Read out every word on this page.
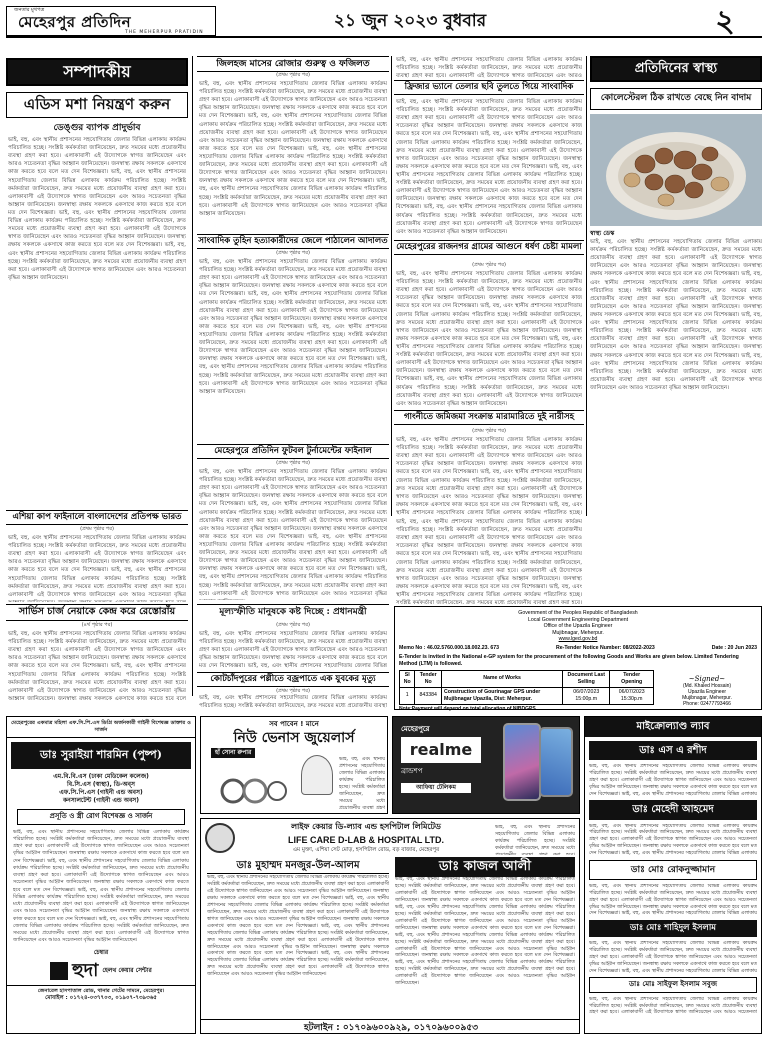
জনতার মুখপত্র
মেহেরপুর প্রতিদিন
THE MEHERPUR PRATIDIN
২১ জুন ২০২৩ বুধবার	২
সম্পাদকীয়
এডিস মশা নিয়ন্ত্রণ করুন
ডেঙ্গুর ব্যাপক প্রাদুর্ভাব
ভাই, বহু, এবং স্থানীয় প্রশাসনের সহযোগিতায় জেলার বিভিন্ন এলাকায় কার্যক্রম পরিচালিত হচ্ছে। সংশ্লিষ্ট কর্মকর্তারা জানিয়েছেন, দ্রুত সময়ের মধ্যে প্রয়োজনীয় ব্যবস্থা গ্রহণ করা হবে। এলাকাবাসী এই উদ্যোগকে স্বাগত জানিয়েছেন এবং আরও সচেতনতা বৃদ্ধির আহ্বান জানিয়েছেন। জনস্বাস্থ্য রক্ষায় সকলকে একসাথে কাজ করতে হবে বলে মত দেন বিশেষজ্ঞরা। ভাই, বহু, এবং স্থানীয় প্রশাসনের সহযোগিতায় জেলার বিভিন্ন এলাকায় কার্যক্রম পরিচালিত হচ্ছে। সংশ্লিষ্ট কর্মকর্তারা জানিয়েছেন, দ্রুত সময়ের মধ্যে প্রয়োজনীয় ব্যবস্থা গ্রহণ করা হবে। এলাকাবাসী এই উদ্যোগকে স্বাগত জানিয়েছেন এবং আরও সচেতনতা বৃদ্ধির আহ্বান জানিয়েছেন। জনস্বাস্থ্য রক্ষায় সকলকে একসাথে কাজ করতে হবে বলে মত দেন বিশেষজ্ঞরা। ভাই, বহু, এবং স্থানীয় প্রশাসনের সহযোগিতায় জেলার বিভিন্ন এলাকায় কার্যক্রম পরিচালিত হচ্ছে। সংশ্লিষ্ট কর্মকর্তারা জানিয়েছেন, দ্রুত সময়ের মধ্যে প্রয়োজনীয় ব্যবস্থা গ্রহণ করা হবে। এলাকাবাসী এই উদ্যোগকে স্বাগত জানিয়েছেন এবং আরও সচেতনতা বৃদ্ধির আহ্বান জানিয়েছেন। জনস্বাস্থ্য রক্ষায় সকলকে একসাথে কাজ করতে হবে বলে মত দেন বিশেষজ্ঞরা। ভাই, বহু, এবং স্থানীয় প্রশাসনের সহযোগিতায় জেলার বিভিন্ন এলাকায় কার্যক্রম পরিচালিত হচ্ছে। সংশ্লিষ্ট কর্মকর্তারা জানিয়েছেন, দ্রুত সময়ের মধ্যে প্রয়োজনীয় ব্যবস্থা গ্রহণ করা হবে। এলাকাবাসী এই উদ্যোগকে স্বাগত জানিয়েছেন এবং আরও সচেতনতা বৃদ্ধির আহ্বান জানিয়েছেন।
এশিয়া কাপ ফাইনালে বাংলাদেশের প্রতিপক্ষ ভারত
(প্রথম পৃষ্ঠার পর)
ভাই, বহু, এবং স্থানীয় প্রশাসনের সহযোগিতায় জেলার বিভিন্ন এলাকায় কার্যক্রম পরিচালিত হচ্ছে। সংশ্লিষ্ট কর্মকর্তারা জানিয়েছেন, দ্রুত সময়ের মধ্যে প্রয়োজনীয় ব্যবস্থা গ্রহণ করা হবে। এলাকাবাসী এই উদ্যোগকে স্বাগত জানিয়েছেন এবং আরও সচেতনতা বৃদ্ধির আহ্বান জানিয়েছেন। জনস্বাস্থ্য রক্ষায় সকলকে একসাথে কাজ করতে হবে বলে মত দেন বিশেষজ্ঞরা। ভাই, বহু, এবং স্থানীয় প্রশাসনের সহযোগিতায় জেলার বিভিন্ন এলাকায় কার্যক্রম পরিচালিত হচ্ছে। সংশ্লিষ্ট কর্মকর্তারা জানিয়েছেন, দ্রুত সময়ের মধ্যে প্রয়োজনীয় ব্যবস্থা গ্রহণ করা হবে। এলাকাবাসী এই উদ্যোগকে স্বাগত জানিয়েছেন এবং আরও সচেতনতা বৃদ্ধির আহ্বান জানিয়েছেন। জনস্বাস্থ্য রক্ষায় সকলকে একসাথে কাজ করতে হবে বলে মত দেন বিশেষজ্ঞরা। ভাই, বহু, এবং স্থানীয় প্রশাসনের সহযোগিতায় জেলার বিভিন্ন এলাকায় কার্যক্রম পরিচালিত হচ্ছে। সংশ্লিষ্ট কর্মকর্তারা জানিয়েছেন, দ্রুত সময়ের মধ্যে প্রয়োজনীয় ব্যবস্থা গ্রহণ করা হবে। এলাকাবাসী এই উদ্যোগকে স্বাগত জানিয়েছেন এবং আরও সচেতনতা বৃদ্ধির আহ্বান জানিয়েছেন। জনস্বাস্থ্য রক্ষায় সকলকে একসাথে কাজ করতে হবে বলে মত দেন বিশেষজ্ঞরা। ভাই, বহু, এবং স্থানীয় প্রশাসনের সহযোগিতায় জেলার বিভিন্ন এলাকায় কার্যক্রম পরিচালিত হচ্ছে। সংশ্লিষ্ট কর্মকর্তারা জানিয়েছেন, দ্রুত সময়ের মধ্যে প্রয়োজনীয় ব্যবস্থা গ্রহণ করা হবে। এলাকাবাসী এই উদ্যোগকে স্বাগত জানিয়েছেন এবং আরও সচেতনতা বৃদ্ধির আহ্বান জানিয়েছেন।
সার্ভিস চার্জ নেয়াকে কেন্দ্র করে রেস্তোরাঁয়
(৪র্থ পৃষ্ঠার পর)
ভাই, বহু, এবং স্থানীয় প্রশাসনের সহযোগিতায় জেলার বিভিন্ন এলাকায় কার্যক্রম পরিচালিত হচ্ছে। সংশ্লিষ্ট কর্মকর্তারা জানিয়েছেন, দ্রুত সময়ের মধ্যে প্রয়োজনীয় ব্যবস্থা গ্রহণ করা হবে। এলাকাবাসী এই উদ্যোগকে স্বাগত জানিয়েছেন এবং আরও সচেতনতা বৃদ্ধির আহ্বান জানিয়েছেন। জনস্বাস্থ্য রক্ষায় সকলকে একসাথে কাজ করতে হবে বলে মত দেন বিশেষজ্ঞরা। ভাই, বহু, এবং স্থানীয় প্রশাসনের সহযোগিতায় জেলার বিভিন্ন এলাকায় কার্যক্রম পরিচালিত হচ্ছে। সংশ্লিষ্ট কর্মকর্তারা জানিয়েছেন, দ্রুত সময়ের মধ্যে প্রয়োজনীয় ব্যবস্থা গ্রহণ করা হবে। এলাকাবাসী এই উদ্যোগকে স্বাগত জানিয়েছেন এবং আরও সচেতনতা বৃদ্ধির আহ্বান জানিয়েছেন। জনস্বাস্থ্য রক্ষায় সকলকে একসাথে কাজ করতে হবে বলে মত দেন বিশেষজ্ঞরা। ভাই, বহু, এবং স্থানীয় প্রশাসনের সহযোগিতায় জেলার বিভিন্ন এলাকায় কার্যক্রম পরিচালিত হচ্ছে। সংশ্লিষ্ট কর্মকর্তারা জানিয়েছেন, দ্রুত সময়ের মধ্যে প্রয়োজনীয় ব্যবস্থা গ্রহণ করা হবে। এলাকাবাসী এই উদ্যোগকে স্বাগত জানিয়েছেন এবং আরও সচেতনতা বৃদ্ধির আহ্বান জানিয়েছেন। জনস্বাস্থ্য রক্ষায় সকলকে একসাথে কাজ করতে হবে বলে মত দেন বিশেষজ্ঞরা। ভাই, বহু, এবং স্থানীয় প্রশাসনের সহযোগিতায় জেলার বিভিন্ন এলাকায় কার্যক্রম পরিচালিত হচ্ছে। সংশ্লিষ্ট কর্মকর্তারা জানিয়েছেন, দ্রুত সময়ের মধ্যে প্রয়োজনীয় ব্যবস্থা গ্রহণ করা হবে। এলাকাবাসী এই উদ্যোগকে স্বাগত জানিয়েছেন এবং আরও সচেতনতা বৃদ্ধির আহ্বান জানিয়েছেন।
জিলহজ মাসের রোজার গুরুত্ব ও ফজিলত
(প্রথম পৃষ্ঠার পর)
ভাই, বহু, এবং স্থানীয় প্রশাসনের সহযোগিতায় জেলার বিভিন্ন এলাকায় কার্যক্রম পরিচালিত হচ্ছে। সংশ্লিষ্ট কর্মকর্তারা জানিয়েছেন, দ্রুত সময়ের মধ্যে প্রয়োজনীয় ব্যবস্থা গ্রহণ করা হবে। এলাকাবাসী এই উদ্যোগকে স্বাগত জানিয়েছেন এবং আরও সচেতনতা বৃদ্ধির আহ্বান জানিয়েছেন। জনস্বাস্থ্য রক্ষায় সকলকে একসাথে কাজ করতে হবে বলে মত দেন বিশেষজ্ঞরা। ভাই, বহু, এবং স্থানীয় প্রশাসনের সহযোগিতায় জেলার বিভিন্ন এলাকায় কার্যক্রম পরিচালিত হচ্ছে। সংশ্লিষ্ট কর্মকর্তারা জানিয়েছেন, দ্রুত সময়ের মধ্যে প্রয়োজনীয় ব্যবস্থা গ্রহণ করা হবে। এলাকাবাসী এই উদ্যোগকে স্বাগত জানিয়েছেন এবং আরও সচেতনতা বৃদ্ধির আহ্বান জানিয়েছেন। জনস্বাস্থ্য রক্ষায় সকলকে একসাথে কাজ করতে হবে বলে মত দেন বিশেষজ্ঞরা। ভাই, বহু, এবং স্থানীয় প্রশাসনের সহযোগিতায় জেলার বিভিন্ন এলাকায় কার্যক্রম পরিচালিত হচ্ছে। সংশ্লিষ্ট কর্মকর্তারা জানিয়েছেন, দ্রুত সময়ের মধ্যে প্রয়োজনীয় ব্যবস্থা গ্রহণ করা হবে। এলাকাবাসী এই উদ্যোগকে স্বাগত জানিয়েছেন এবং আরও সচেতনতা বৃদ্ধির আহ্বান জানিয়েছেন। জনস্বাস্থ্য রক্ষায় সকলকে একসাথে কাজ করতে হবে বলে মত দেন বিশেষজ্ঞরা। ভাই, বহু, এবং স্থানীয় প্রশাসনের সহযোগিতায় জেলার বিভিন্ন এলাকায় কার্যক্রম পরিচালিত হচ্ছে। সংশ্লিষ্ট কর্মকর্তারা জানিয়েছেন, দ্রুত সময়ের মধ্যে প্রয়োজনীয় ব্যবস্থা গ্রহণ করা হবে। এলাকাবাসী এই উদ্যোগকে স্বাগত জানিয়েছেন এবং আরও সচেতনতা বৃদ্ধির আহ্বান জানিয়েছেন।
সাংবাদিক তুহিন হত্যাকারীদের জেলে পাঠালেন আদালত
(প্রথম পৃষ্ঠার পর)
ভাই, বহু, এবং স্থানীয় প্রশাসনের সহযোগিতায় জেলার বিভিন্ন এলাকায় কার্যক্রম পরিচালিত হচ্ছে। সংশ্লিষ্ট কর্মকর্তারা জানিয়েছেন, দ্রুত সময়ের মধ্যে প্রয়োজনীয় ব্যবস্থা গ্রহণ করা হবে। এলাকাবাসী এই উদ্যোগকে স্বাগত জানিয়েছেন এবং আরও সচেতনতা বৃদ্ধির আহ্বান জানিয়েছেন। জনস্বাস্থ্য রক্ষায় সকলকে একসাথে কাজ করতে হবে বলে মত দেন বিশেষজ্ঞরা। ভাই, বহু, এবং স্থানীয় প্রশাসনের সহযোগিতায় জেলার বিভিন্ন এলাকায় কার্যক্রম পরিচালিত হচ্ছে। সংশ্লিষ্ট কর্মকর্তারা জানিয়েছেন, দ্রুত সময়ের মধ্যে প্রয়োজনীয় ব্যবস্থা গ্রহণ করা হবে। এলাকাবাসী এই উদ্যোগকে স্বাগত জানিয়েছেন এবং আরও সচেতনতা বৃদ্ধির আহ্বান জানিয়েছেন। জনস্বাস্থ্য রক্ষায় সকলকে একসাথে কাজ করতে হবে বলে মত দেন বিশেষজ্ঞরা। ভাই, বহু, এবং স্থানীয় প্রশাসনের সহযোগিতায় জেলার বিভিন্ন এলাকায় কার্যক্রম পরিচালিত হচ্ছে। সংশ্লিষ্ট কর্মকর্তারা জানিয়েছেন, দ্রুত সময়ের মধ্যে প্রয়োজনীয় ব্যবস্থা গ্রহণ করা হবে। এলাকাবাসী এই উদ্যোগকে স্বাগত জানিয়েছেন এবং আরও সচেতনতা বৃদ্ধির আহ্বান জানিয়েছেন। জনস্বাস্থ্য রক্ষায় সকলকে একসাথে কাজ করতে হবে বলে মত দেন বিশেষজ্ঞরা। ভাই, বহু, এবং স্থানীয় প্রশাসনের সহযোগিতায় জেলার বিভিন্ন এলাকায় কার্যক্রম পরিচালিত হচ্ছে। সংশ্লিষ্ট কর্মকর্তারা জানিয়েছেন, দ্রুত সময়ের মধ্যে প্রয়োজনীয় ব্যবস্থা গ্রহণ করা হবে। এলাকাবাসী এই উদ্যোগকে স্বাগত জানিয়েছেন এবং আরও সচেতনতা বৃদ্ধির আহ্বান জানিয়েছেন।
মেহেরপুরে প্রতিদিন ফুটবল টুর্নামেন্টের ফাইনাল
(প্রথম পৃষ্ঠার পর)
ভাই, বহু, এবং স্থানীয় প্রশাসনের সহযোগিতায় জেলার বিভিন্ন এলাকায় কার্যক্রম পরিচালিত হচ্ছে। সংশ্লিষ্ট কর্মকর্তারা জানিয়েছেন, দ্রুত সময়ের মধ্যে প্রয়োজনীয় ব্যবস্থা গ্রহণ করা হবে। এলাকাবাসী এই উদ্যোগকে স্বাগত জানিয়েছেন এবং আরও সচেতনতা বৃদ্ধির আহ্বান জানিয়েছেন। জনস্বাস্থ্য রক্ষায় সকলকে একসাথে কাজ করতে হবে বলে মত দেন বিশেষজ্ঞরা। ভাই, বহু, এবং স্থানীয় প্রশাসনের সহযোগিতায় জেলার বিভিন্ন এলাকায় কার্যক্রম পরিচালিত হচ্ছে। সংশ্লিষ্ট কর্মকর্তারা জানিয়েছেন, দ্রুত সময়ের মধ্যে প্রয়োজনীয় ব্যবস্থা গ্রহণ করা হবে। এলাকাবাসী এই উদ্যোগকে স্বাগত জানিয়েছেন এবং আরও সচেতনতা বৃদ্ধির আহ্বান জানিয়েছেন। জনস্বাস্থ্য রক্ষায় সকলকে একসাথে কাজ করতে হবে বলে মত দেন বিশেষজ্ঞরা। ভাই, বহু, এবং স্থানীয় প্রশাসনের সহযোগিতায় জেলার বিভিন্ন এলাকায় কার্যক্রম পরিচালিত হচ্ছে। সংশ্লিষ্ট কর্মকর্তারা জানিয়েছেন, দ্রুত সময়ের মধ্যে প্রয়োজনীয় ব্যবস্থা গ্রহণ করা হবে। এলাকাবাসী এই উদ্যোগকে স্বাগত জানিয়েছেন এবং আরও সচেতনতা বৃদ্ধির আহ্বান জানিয়েছেন। জনস্বাস্থ্য রক্ষায় সকলকে একসাথে কাজ করতে হবে বলে মত দেন বিশেষজ্ঞরা। ভাই, বহু, এবং স্থানীয় প্রশাসনের সহযোগিতায় জেলার বিভিন্ন এলাকায় কার্যক্রম পরিচালিত হচ্ছে। সংশ্লিষ্ট কর্মকর্তারা জানিয়েছেন, দ্রুত সময়ের মধ্যে প্রয়োজনীয় ব্যবস্থা গ্রহণ করা হবে। এলাকাবাসী এই উদ্যোগকে স্বাগত জানিয়েছেন এবং আরও সচেতনতা বৃদ্ধির আহ্বান জানিয়েছেন।
ভাই, বহু, এবং স্থানীয় প্রশাসনের সহযোগিতায় জেলার বিভিন্ন এলাকায় কার্যক্রম পরিচালিত হচ্ছে। সংশ্লিষ্ট কর্মকর্তারা জানিয়েছেন, দ্রুত সময়ের মধ্যে প্রয়োজনীয় ব্যবস্থা গ্রহণ করা হবে। এলাকাবাসী এই উদ্যোগকে স্বাগত জানিয়েছেন এবং আরও সচেতনতা বৃদ্ধির আহ্বান জানিয়েছেন। জনস্বাস্থ্য রক্ষায় সকলকে একসাথে কাজ করতে হবে বলে মত দেন বিশেষজ্ঞরা। ভাই, বহু, এবং স্থানীয় প্রশাসনের সহযোগিতায় জেলার বিভিন্ন এলাকায় কার্যক্রম পরিচালিত হচ্ছে। সংশ্লিষ্ট কর্মকর্তারা জানিয়েছেন, দ্রুত সময়ের মধ্যে প্রয়োজনীয় ব্যবস্থা গ্রহণ করা হবে। এলাকাবাসী এই উদ্যোগকে স্বাগত জানিয়েছেন এবং আরও সচেতনতা বৃদ্ধির আহ্বান জানিয়েছেন। জনস্বাস্থ্য রক্ষায় সকলকে একসাথে কাজ করতে হবে বলে মত দেন বিশেষজ্ঞরা। ভাই, বহু, এবং স্থানীয় প্রশাসনের সহযোগিতায় জেলার বিভিন্ন এলাকায় কার্যক্রম পরিচালিত হচ্ছে। সংশ্লিষ্ট কর্মকর্তারা জানিয়েছেন, দ্রুত সময়ের মধ্যে প্রয়োজনীয় ব্যবস্থা গ্রহণ করা হবে। এলাকাবাসী এই উদ্যোগকে স্বাগত জানিয়েছেন এবং আরও সচেতনতা বৃদ্ধির আহ্বান জানিয়েছেন। জনস্বাস্থ্য রক্ষায় সকলকে একসাথে কাজ করতে হবে বলে মত দেন বিশেষজ্ঞরা। ভাই, বহু, এবং স্থানীয় প্রশাসনের সহযোগিতায় জেলার বিভিন্ন এলাকায় কার্যক্রম পরিচালিত হচ্ছে। সংশ্লিষ্ট কর্মকর্তারা জানিয়েছেন, দ্রুত সময়ের মধ্যে প্রয়োজনীয় ব্যবস্থা গ্রহণ করা হবে। এলাকাবাসী এই উদ্যোগকে স্বাগত জানিয়েছেন এবং আরও সচেতনতা বৃদ্ধির আহ্বান জানিয়েছেন।
ফ্রিজার ভ্যানে তেলার ছবি তুলতে গিয়ে সাংবাদিক
ভাই, বহু, এবং স্থানীয় প্রশাসনের সহযোগিতায় জেলার বিভিন্ন এলাকায় কার্যক্রম পরিচালিত হচ্ছে। সংশ্লিষ্ট কর্মকর্তারা জানিয়েছেন, দ্রুত সময়ের মধ্যে প্রয়োজনীয় ব্যবস্থা গ্রহণ করা হবে। এলাকাবাসী এই উদ্যোগকে স্বাগত জানিয়েছেন এবং আরও সচেতনতা বৃদ্ধির আহ্বান জানিয়েছেন। জনস্বাস্থ্য রক্ষায় সকলকে একসাথে কাজ করতে হবে বলে মত দেন বিশেষজ্ঞরা। ভাই, বহু, এবং স্থানীয় প্রশাসনের সহযোগিতায় জেলার বিভিন্ন এলাকায় কার্যক্রম পরিচালিত হচ্ছে। সংশ্লিষ্ট কর্মকর্তারা জানিয়েছেন, দ্রুত সময়ের মধ্যে প্রয়োজনীয় ব্যবস্থা গ্রহণ করা হবে। এলাকাবাসী এই উদ্যোগকে স্বাগত জানিয়েছেন এবং আরও সচেতনতা বৃদ্ধির আহ্বান জানিয়েছেন। জনস্বাস্থ্য রক্ষায় সকলকে একসাথে কাজ করতে হবে বলে মত দেন বিশেষজ্ঞরা। ভাই, বহু, এবং স্থানীয় প্রশাসনের সহযোগিতায় জেলার বিভিন্ন এলাকায় কার্যক্রম পরিচালিত হচ্ছে। সংশ্লিষ্ট কর্মকর্তারা জানিয়েছেন, দ্রুত সময়ের মধ্যে প্রয়োজনীয় ব্যবস্থা গ্রহণ করা হবে। এলাকাবাসী এই উদ্যোগকে স্বাগত জানিয়েছেন এবং আরও সচেতনতা বৃদ্ধির আহ্বান জানিয়েছেন। জনস্বাস্থ্য রক্ষায় সকলকে একসাথে কাজ করতে হবে বলে মত দেন বিশেষজ্ঞরা। ভাই, বহু, এবং স্থানীয় প্রশাসনের সহযোগিতায় জেলার বিভিন্ন এলাকায় কার্যক্রম পরিচালিত হচ্ছে। সংশ্লিষ্ট কর্মকর্তারা জানিয়েছেন, দ্রুত সময়ের মধ্যে প্রয়োজনীয় ব্যবস্থা গ্রহণ করা হবে। এলাকাবাসী এই উদ্যোগকে স্বাগত জানিয়েছেন এবং আরও সচেতনতা বৃদ্ধির আহ্বান জানিয়েছেন।
মেহেরপুরের রাজনগর গ্রামের আগুনে ধর্ষণ চেষ্টা মামলা
(প্রথম পৃষ্ঠার পর)
ভাই, বহু, এবং স্থানীয় প্রশাসনের সহযোগিতায় জেলার বিভিন্ন এলাকায় কার্যক্রম পরিচালিত হচ্ছে। সংশ্লিষ্ট কর্মকর্তারা জানিয়েছেন, দ্রুত সময়ের মধ্যে প্রয়োজনীয় ব্যবস্থা গ্রহণ করা হবে। এলাকাবাসী এই উদ্যোগকে স্বাগত জানিয়েছেন এবং আরও সচেতনতা বৃদ্ধির আহ্বান জানিয়েছেন। জনস্বাস্থ্য রক্ষায় সকলকে একসাথে কাজ করতে হবে বলে মত দেন বিশেষজ্ঞরা। ভাই, বহু, এবং স্থানীয় প্রশাসনের সহযোগিতায় জেলার বিভিন্ন এলাকায় কার্যক্রম পরিচালিত হচ্ছে। সংশ্লিষ্ট কর্মকর্তারা জানিয়েছেন, দ্রুত সময়ের মধ্যে প্রয়োজনীয় ব্যবস্থা গ্রহণ করা হবে। এলাকাবাসী এই উদ্যোগকে স্বাগত জানিয়েছেন এবং আরও সচেতনতা বৃদ্ধির আহ্বান জানিয়েছেন। জনস্বাস্থ্য রক্ষায় সকলকে একসাথে কাজ করতে হবে বলে মত দেন বিশেষজ্ঞরা। ভাই, বহু, এবং স্থানীয় প্রশাসনের সহযোগিতায় জেলার বিভিন্ন এলাকায় কার্যক্রম পরিচালিত হচ্ছে। সংশ্লিষ্ট কর্মকর্তারা জানিয়েছেন, দ্রুত সময়ের মধ্যে প্রয়োজনীয় ব্যবস্থা গ্রহণ করা হবে। এলাকাবাসী এই উদ্যোগকে স্বাগত জানিয়েছেন এবং আরও সচেতনতা বৃদ্ধির আহ্বান জানিয়েছেন। জনস্বাস্থ্য রক্ষায় সকলকে একসাথে কাজ করতে হবে বলে মত দেন বিশেষজ্ঞরা। ভাই, বহু, এবং স্থানীয় প্রশাসনের সহযোগিতায় জেলার বিভিন্ন এলাকায় কার্যক্রম পরিচালিত হচ্ছে। সংশ্লিষ্ট কর্মকর্তারা জানিয়েছেন, দ্রুত সময়ের মধ্যে প্রয়োজনীয় ব্যবস্থা গ্রহণ করা হবে। এলাকাবাসী এই উদ্যোগকে স্বাগত জানিয়েছেন এবং আরও সচেতনতা বৃদ্ধির আহ্বান জানিয়েছেন।
গাংনীতে জমিজমা সংক্রান্ত মারামারিতে দুই নারীসহ
(প্রথম পৃষ্ঠার পর)
ভাই, বহু, এবং স্থানীয় প্রশাসনের সহযোগিতায় জেলার বিভিন্ন এলাকায় কার্যক্রম পরিচালিত হচ্ছে। সংশ্লিষ্ট কর্মকর্তারা জানিয়েছেন, দ্রুত সময়ের মধ্যে প্রয়োজনীয় ব্যবস্থা গ্রহণ করা হবে। এলাকাবাসী এই উদ্যোগকে স্বাগত জানিয়েছেন এবং আরও সচেতনতা বৃদ্ধির আহ্বান জানিয়েছেন। জনস্বাস্থ্য রক্ষায় সকলকে একসাথে কাজ করতে হবে বলে মত দেন বিশেষজ্ঞরা। ভাই, বহু, এবং স্থানীয় প্রশাসনের সহযোগিতায় জেলার বিভিন্ন এলাকায় কার্যক্রম পরিচালিত হচ্ছে। সংশ্লিষ্ট কর্মকর্তারা জানিয়েছেন, দ্রুত সময়ের মধ্যে প্রয়োজনীয় ব্যবস্থা গ্রহণ করা হবে। এলাকাবাসী এই উদ্যোগকে স্বাগত জানিয়েছেন এবং আরও সচেতনতা বৃদ্ধির আহ্বান জানিয়েছেন। জনস্বাস্থ্য রক্ষায় সকলকে একসাথে কাজ করতে হবে বলে মত দেন বিশেষজ্ঞরা। ভাই, বহু, এবং স্থানীয় প্রশাসনের সহযোগিতায় জেলার বিভিন্ন এলাকায় কার্যক্রম পরিচালিত হচ্ছে। সংশ্লিষ্ট কর্মকর্তারা জানিয়েছেন, দ্রুত সময়ের মধ্যে প্রয়োজনীয় ব্যবস্থা গ্রহণ করা হবে। এলাকাবাসী এই উদ্যোগকে স্বাগত জানিয়েছেন এবং আরও সচেতনতা বৃদ্ধির আহ্বান জানিয়েছেন। জনস্বাস্থ্য রক্ষায় সকলকে একসাথে কাজ করতে হবে বলে মত দেন বিশেষজ্ঞরা। ভাই, বহু, এবং স্থানীয় প্রশাসনের সহযোগিতায় জেলার বিভিন্ন এলাকায় কার্যক্রম পরিচালিত হচ্ছে। সংশ্লিষ্ট কর্মকর্তারা জানিয়েছেন, দ্রুত সময়ের মধ্যে প্রয়োজনীয় ব্যবস্থা গ্রহণ করা হবে। এলাকাবাসী এই উদ্যোগকে স্বাগত জানিয়েছেন এবং আরও সচেতনতা বৃদ্ধির আহ্বান জানিয়েছেন।
প্রতিদিনের স্বাস্থ্য
কোলেস্টেরল ঠিক রাখতে বেছে নিন বাদাম
স্বাস্থ্য ডেস্ক
ভাই, বহু, এবং স্থানীয় প্রশাসনের সহযোগিতায় জেলার বিভিন্ন এলাকায় কার্যক্রম পরিচালিত হচ্ছে। সংশ্লিষ্ট কর্মকর্তারা জানিয়েছেন, দ্রুত সময়ের মধ্যে প্রয়োজনীয় ব্যবস্থা গ্রহণ করা হবে। এলাকাবাসী এই উদ্যোগকে স্বাগত জানিয়েছেন এবং আরও সচেতনতা বৃদ্ধির আহ্বান জানিয়েছেন। জনস্বাস্থ্য রক্ষায় সকলকে একসাথে কাজ করতে হবে বলে মত দেন বিশেষজ্ঞরা। ভাই, বহু, এবং স্থানীয় প্রশাসনের সহযোগিতায় জেলার বিভিন্ন এলাকায় কার্যক্রম পরিচালিত হচ্ছে। সংশ্লিষ্ট কর্মকর্তারা জানিয়েছেন, দ্রুত সময়ের মধ্যে প্রয়োজনীয় ব্যবস্থা গ্রহণ করা হবে। এলাকাবাসী এই উদ্যোগকে স্বাগত জানিয়েছেন এবং আরও সচেতনতা বৃদ্ধির আহ্বান জানিয়েছেন। জনস্বাস্থ্য রক্ষায় সকলকে একসাথে কাজ করতে হবে বলে মত দেন বিশেষজ্ঞরা। ভাই, বহু, এবং স্থানীয় প্রশাসনের সহযোগিতায় জেলার বিভিন্ন এলাকায় কার্যক্রম পরিচালিত হচ্ছে। সংশ্লিষ্ট কর্মকর্তারা জানিয়েছেন, দ্রুত সময়ের মধ্যে প্রয়োজনীয় ব্যবস্থা গ্রহণ করা হবে। এলাকাবাসী এই উদ্যোগকে স্বাগত জানিয়েছেন এবং আরও সচেতনতা বৃদ্ধির আহ্বান জানিয়েছেন। জনস্বাস্থ্য রক্ষায় সকলকে একসাথে কাজ করতে হবে বলে মত দেন বিশেষজ্ঞরা। ভাই, বহু, এবং স্থানীয় প্রশাসনের সহযোগিতায় জেলার বিভিন্ন এলাকায় কার্যক্রম পরিচালিত হচ্ছে। সংশ্লিষ্ট কর্মকর্তারা জানিয়েছেন, দ্রুত সময়ের মধ্যে প্রয়োজনীয় ব্যবস্থা গ্রহণ করা হবে। এলাকাবাসী এই উদ্যোগকে স্বাগত জানিয়েছেন এবং আরও সচেতনতা বৃদ্ধির আহ্বান জানিয়েছেন।
মূল্যস্ফীতি মানুষকে কষ্ট দিচ্ছে : প্রধানমন্ত্রী
(প্রথম পৃষ্ঠার পর)
ভাই, বহু, এবং স্থানীয় প্রশাসনের সহযোগিতায় জেলার বিভিন্ন এলাকায় কার্যক্রম পরিচালিত হচ্ছে। সংশ্লিষ্ট কর্মকর্তারা জানিয়েছেন, দ্রুত সময়ের মধ্যে প্রয়োজনীয় ব্যবস্থা গ্রহণ করা হবে। এলাকাবাসী এই উদ্যোগকে স্বাগত জানিয়েছেন এবং আরও সচেতনতা বৃদ্ধির আহ্বান জানিয়েছেন। জনস্বাস্থ্য রক্ষায় সকলকে একসাথে কাজ করতে হবে বলে মত দেন বিশেষজ্ঞরা। ভাই, বহু, এবং স্থানীয় প্রশাসনের সহযোগিতায় জেলার বিভিন্ন এলাকায় কার্যক্রম পরিচালিত হচ্ছে। সংশ্লিষ্ট কর্মকর্তারা জানিয়েছেন, দ্রুত সময়ের মধ্যে প্রয়োজনীয় ব্যবস্থা গ্রহণ করা হবে। এলাকাবাসী এই উদ্যোগকে স্বাগত জানিয়েছেন এবং আরও সচেতনতা বৃদ্ধির আহ্বান জানিয়েছেন। জনস্বাস্থ্য রক্ষায় সকলকে একসাথে কাজ করতে হবে বলে মত দেন বিশেষজ্ঞরা। ভাই, বহু, এবং স্থানীয় প্রশাসনের সহযোগিতায় জেলার বিভিন্ন এলাকায় কার্যক্রম পরিচালিত হচ্ছে। সংশ্লিষ্ট কর্মকর্তারা জানিয়েছেন, দ্রুত সময়ের মধ্যে প্রয়োজনীয় ব্যবস্থা গ্রহণ করা হবে। এলাকাবাসী এই উদ্যোগকে স্বাগত জানিয়েছেন এবং আরও সচেতনতা বৃদ্ধির আহ্বান জানিয়েছেন। জনস্বাস্থ্য রক্ষায় সকলকে একসাথে কাজ করতে হবে বলে মত দেন বিশেষজ্ঞরা। ভাই, বহু, এবং স্থানীয় প্রশাসনের সহযোগিতায় জেলার বিভিন্ন এলাকায় কার্যক্রম পরিচালিত হচ্ছে। সংশ্লিষ্ট কর্মকর্তারা জানিয়েছেন, দ্রুত সময়ের মধ্যে প্রয়োজনীয় ব্যবস্থা গ্রহণ করা হবে। এলাকাবাসী এই উদ্যোগকে স্বাগত জানিয়েছেন এবং আরও সচেতনতা বৃদ্ধির আহ্বান জানিয়েছেন।
কোটচাঁদপুরের পল্লীতে বজ্রপাতে এক যুবকের মৃত্যু
(প্রথম পৃষ্ঠার পর)
ভাই, বহু, এবং স্থানীয় প্রশাসনের সহযোগিতায় জেলার বিভিন্ন এলাকায় কার্যক্রম পরিচালিত হচ্ছে। সংশ্লিষ্ট কর্মকর্তারা জানিয়েছেন, দ্রুত সময়ের মধ্যে প্রয়োজনীয় ব্যবস্থা গ্রহণ করা হবে। এলাকাবাসী এই উদ্যোগকে স্বাগত জানিয়েছেন এবং আরও সচেতনতা বৃদ্ধির আহ্বান জানিয়েছেন। জনস্বাস্থ্য রক্ষায় সকলকে একসাথে কাজ করতে হবে বলে মত দেন বিশেষজ্ঞরা। ভাই, বহু, এবং স্থানীয় প্রশাসনের সহযোগিতায় জেলার বিভিন্ন এলাকায় কার্যক্রম পরিচালিত হচ্ছে। সংশ্লিষ্ট কর্মকর্তারা জানিয়েছেন, দ্রুত সময়ের মধ্যে প্রয়োজনীয় ব্যবস্থা গ্রহণ করা হবে। এলাকাবাসী এই উদ্যোগকে স্বাগত জানিয়েছেন এবং আরও সচেতনতা বৃদ্ধির আহ্বান জানিয়েছেন। জনস্বাস্থ্য রক্ষায় সকলকে একসাথে কাজ করতে হবে বলে মত দেন বিশেষজ্ঞরা। ভাই, বহু, এবং স্থানীয় প্রশাসনের সহযোগিতায় জেলার বিভিন্ন এলাকায় কার্যক্রম পরিচালিত হচ্ছে। সংশ্লিষ্ট কর্মকর্তারা জানিয়েছেন, দ্রুত সময়ের মধ্যে প্রয়োজনীয় ব্যবস্থা গ্রহণ করা হবে। এলাকাবাসী এই উদ্যোগকে স্বাগত জানিয়েছেন এবং আরও সচেতনতা বৃদ্ধির আহ্বান জানিয়েছেন। জনস্বাস্থ্য রক্ষায় সকলকে একসাথে কাজ করতে হবে বলে মত দেন বিশেষজ্ঞরা। ভাই, বহু, এবং স্থানীয় প্রশাসনের সহযোগিতায় জেলার বিভিন্ন এলাকায় কার্যক্রম পরিচালিত হচ্ছে। সংশ্লিষ্ট কর্মকর্তারা জানিয়েছেন, দ্রুত সময়ের মধ্যে প্রয়োজনীয় ব্যবস্থা গ্রহণ করা হবে। এলাকাবাসী এই উদ্যোগকে স্বাগত জানিয়েছেন এবং আরও সচেতনতা বৃদ্ধির আহ্বান জানিয়েছেন।
ভাই, বহু, এবং স্থানীয় প্রশাসনের সহযোগিতায় জেলার বিভিন্ন এলাকায় কার্যক্রম পরিচালিত হচ্ছে। সংশ্লিষ্ট কর্মকর্তারা জানিয়েছেন, দ্রুত সময়ের মধ্যে প্রয়োজনীয় ব্যবস্থা গ্রহণ করা হবে। এলাকাবাসী এই উদ্যোগকে স্বাগত জানিয়েছেন এবং আরও সচেতনতা বৃদ্ধির আহ্বান জানিয়েছেন। জনস্বাস্থ্য রক্ষায় সকলকে একসাথে কাজ করতে হবে বলে মত দেন বিশেষজ্ঞরা। ভাই, বহু, এবং স্থানীয় প্রশাসনের সহযোগিতায় জেলার বিভিন্ন এলাকায় কার্যক্রম পরিচালিত হচ্ছে। সংশ্লিষ্ট কর্মকর্তারা জানিয়েছেন, দ্রুত সময়ের মধ্যে প্রয়োজনীয় ব্যবস্থা গ্রহণ করা হবে। এলাকাবাসী এই উদ্যোগকে স্বাগত জানিয়েছেন এবং আরও সচেতনতা বৃদ্ধির আহ্বান জানিয়েছেন। জনস্বাস্থ্য রক্ষায় সকলকে একসাথে কাজ করতে হবে বলে মত দেন বিশেষজ্ঞরা। ভাই, বহু, এবং স্থানীয় প্রশাসনের সহযোগিতায় জেলার বিভিন্ন এলাকায় কার্যক্রম পরিচালিত হচ্ছে। সংশ্লিষ্ট কর্মকর্তারা জানিয়েছেন, দ্রুত সময়ের মধ্যে প্রয়োজনীয় ব্যবস্থা গ্রহণ করা হবে। এলাকাবাসী এই উদ্যোগকে স্বাগত জানিয়েছেন এবং আরও সচেতনতা বৃদ্ধির আহ্বান জানিয়েছেন। জনস্বাস্থ্য রক্ষায় সকলকে একসাথে কাজ করতে হবে বলে মত দেন বিশেষজ্ঞরা। ভাই, বহু, এবং স্থানীয় প্রশাসনের সহযোগিতায় জেলার বিভিন্ন এলাকায় কার্যক্রম পরিচালিত হচ্ছে। সংশ্লিষ্ট কর্মকর্তারা জানিয়েছেন, দ্রুত সময়ের মধ্যে প্রয়োজনীয় ব্যবস্থা গ্রহণ করা হবে। এলাকাবাসী এই উদ্যোগকে স্বাগত জানিয়েছেন এবং আরও সচেতনতা বৃদ্ধির আহ্বান জানিয়েছেন।
Government of the Peoples Republic of Bangladesh
Local Government Engineering Department
Office of the Upazila Engineer
Mujibnagar, Meherpur.
www.lged.gov.bd
Memo No : 46.02.5760.000.18.002.23. 673	Re-Tender Notice Number: 08/2022-2023	Date : 20 Jun 2023
E-Tender is invited in the National e-GP system for the procurement of the following Goods and Works are given below. Limited Tendering Method (LTM) is followed.
Sl No	Tender No	Name of Works	Document Last Selling	Tender Opening
1	843384	Construction of Gourinagar GPS under Mujibnagar Upazila, Dist: Meherpur.	06/07/2023 15:00p.m	06/07/2023 15:30p.m
Note:Payment will depend on total allocation of NIBDGPS.
~Signed~
(Md. Khaled Hossain)
Upazila Engineer
Mujibnagar, Meherpur.
Phone: 02477793466
মেহেরপুরের একমাত্র মহিলা এফ.সি.পি.এস ডিগ্রি অর্জনকারী গাইনী বিশেষজ্ঞ ডাক্তার ও সার্জন
ডাঃ সুরাইয়া শারমিন (পুষ্প)
এম.বি.বি.এস (ঢাকা মেডিকেল কলেজ)
বি.সি.এস (স্বাস্থ্য), ডি-অব্স
এফ.সি.পি.এস (গাইনী এন্ড অবস)
কনসালটেন্ট (গাইনী এন্ড অবস)
প্রসূতি ও স্ত্রী রোগ বিশেষজ্ঞ ও সার্জন
ভাই, বহু, এবং স্থানীয় প্রশাসনের সহযোগিতায় জেলার বিভিন্ন এলাকায় কার্যক্রম পরিচালিত হচ্ছে। সংশ্লিষ্ট কর্মকর্তারা জানিয়েছেন, দ্রুত সময়ের মধ্যে প্রয়োজনীয় ব্যবস্থা গ্রহণ করা হবে। এলাকাবাসী এই উদ্যোগকে স্বাগত জানিয়েছেন এবং আরও সচেতনতা বৃদ্ধির আহ্বান জানিয়েছেন। জনস্বাস্থ্য রক্ষায় সকলকে একসাথে কাজ করতে হবে বলে মত দেন বিশেষজ্ঞরা। ভাই, বহু, এবং স্থানীয় প্রশাসনের সহযোগিতায় জেলার বিভিন্ন এলাকায় কার্যক্রম পরিচালিত হচ্ছে। সংশ্লিষ্ট কর্মকর্তারা জানিয়েছেন, দ্রুত সময়ের মধ্যে প্রয়োজনীয় ব্যবস্থা গ্রহণ করা হবে। এলাকাবাসী এই উদ্যোগকে স্বাগত জানিয়েছেন এবং আরও সচেতনতা বৃদ্ধির আহ্বান জানিয়েছেন। জনস্বাস্থ্য রক্ষায় সকলকে একসাথে কাজ করতে হবে বলে মত দেন বিশেষজ্ঞরা। ভাই, বহু, এবং স্থানীয় প্রশাসনের সহযোগিতায় জেলার বিভিন্ন এলাকায় কার্যক্রম পরিচালিত হচ্ছে। সংশ্লিষ্ট কর্মকর্তারা জানিয়েছেন, দ্রুত সময়ের মধ্যে প্রয়োজনীয় ব্যবস্থা গ্রহণ করা হবে। এলাকাবাসী এই উদ্যোগকে স্বাগত জানিয়েছেন এবং আরও সচেতনতা বৃদ্ধির আহ্বান জানিয়েছেন। জনস্বাস্থ্য রক্ষায় সকলকে একসাথে কাজ করতে হবে বলে মত দেন বিশেষজ্ঞরা। ভাই, বহু, এবং স্থানীয় প্রশাসনের সহযোগিতায় জেলার বিভিন্ন এলাকায় কার্যক্রম পরিচালিত হচ্ছে। সংশ্লিষ্ট কর্মকর্তারা জানিয়েছেন, দ্রুত সময়ের মধ্যে প্রয়োজনীয় ব্যবস্থা গ্রহণ করা হবে। এলাকাবাসী এই উদ্যোগকে স্বাগত জানিয়েছেন এবং আরও সচেতনতা বৃদ্ধির আহ্বান জানিয়েছেন।
চেম্বার
হুদা হেলথ কেয়ার সেন্টার
জেনারেল হাসপাতাল রোড, থানার গেটের সামনে, মেহেরপুর।
মোবাইল : ০১৭২৪-০৩৭৭০৩, ০১৯০৭-৭৩৯৩৬৫
সব পাবেন ! মানে
নিউ ভেনাস জুয়েলার্স
হাঁ সোনা রুপার
ভাই, বহু, এবং স্থানীয় প্রশাসনের সহযোগিতায় জেলার বিভিন্ন এলাকায় কার্যক্রম পরিচালিত হচ্ছে। সংশ্লিষ্ট কর্মকর্তারা জানিয়েছেন, দ্রুত সময়ের মধ্যে প্রয়োজনীয় ব্যবস্থা গ্রহণ করা হবে। এলাকাবাসী এই উদ্যোগকে স্বাগত জানিয়েছেন এবং আরও সচেতনতা বৃদ্ধির আহ্বান জানিয়েছেন। জনস্বাস্থ্য রক্ষায় সকলকে একসাথে কাজ করতে হবে বলে মত দেন বিশেষজ্ঞরা। ভাই, বহু, এবং স্থানীয় প্রশাসনের সহযোগিতায় জেলার বিভিন্ন এলাকায় কার্যক্রম পরিচালিত হচ্ছে। সংশ্লিষ্ট কর্মকর্তারা জানিয়েছেন, দ্রুত সময়ের মধ্যে প্রয়োজনীয় ব্যবস্থা গ্রহণ করা হবে। এলাকাবাসী এই উদ্যোগকে স্বাগত জানিয়েছেন এবং আরও সচেতনতা বৃদ্ধির আহ্বান জানিয়েছেন। জনস্বাস্থ্য রক্ষায় সকলকে একসাথে কাজ করতে হবে বলে মত দেন বিশেষজ্ঞরা। ভাই, বহু, এবং স্থানীয় প্রশাসনের সহযোগিতায় জেলার বিভিন্ন এলাকায় কার্যক্রম পরিচালিত হচ্ছে। সংশ্লিষ্ট কর্মকর্তারা জানিয়েছেন, দ্রুত সময়ের মধ্যে প্রয়োজনীয় ব্যবস্থা গ্রহণ করা হবে। এলাকাবাসী এই উদ্যোগকে স্বাগত জানিয়েছেন এবং আরও সচেতনতা বৃদ্ধির আহ্বান জানিয়েছেন। জনস্বাস্থ্য রক্ষায় সকলকে একসাথে কাজ করতে হবে বলে মত দেন বিশেষজ্ঞরা। ভাই, বহু, এবং স্থানীয় প্রশাসনের সহযোগিতায় জেলার বিভিন্ন এলাকায় কার্যক্রম পরিচালিত হচ্ছে। সংশ্লিষ্ট কর্মকর্তারা জানিয়েছেন, দ্রুত সময়ের মধ্যে প্রয়োজনীয় ব্যবস্থা গ্রহণ করা হবে। এলাকাবাসী এই উদ্যোগকে স্বাগত জানিয়েছেন এবং আরও সচেতনতা বৃদ্ধির আহ্বান জানিয়েছেন।
মেহেরপুরে
realme
ব্রান্ডশপ
আফিয়া টেলিকম
মাইক্রোল্যাণ্ড ল্যাব
ডাঃ এস এ রশীদ
ভাই, বহু, এবং স্থানীয় প্রশাসনের সহযোগিতায় জেলার বিভিন্ন এলাকায় কার্যক্রম পরিচালিত হচ্ছে। সংশ্লিষ্ট কর্মকর্তারা জানিয়েছেন, দ্রুত সময়ের মধ্যে প্রয়োজনীয় ব্যবস্থা গ্রহণ করা হবে। এলাকাবাসী এই উদ্যোগকে স্বাগত জানিয়েছেন এবং আরও সচেতনতা বৃদ্ধির আহ্বান জানিয়েছেন। জনস্বাস্থ্য রক্ষায় সকলকে একসাথে কাজ করতে হবে বলে মত দেন বিশেষজ্ঞরা। ভাই, বহু, এবং স্থানীয় প্রশাসনের সহযোগিতায় জেলার বিভিন্ন এলাকায় কার্যক্রম পরিচালিত হচ্ছে। সংশ্লিষ্ট কর্মকর্তারা জানিয়েছেন, দ্রুত সময়ের মধ্যে প্রয়োজনীয় ব্যবস্থা গ্রহণ করা হবে। এলাকাবাসী এই উদ্যোগকে স্বাগত জানিয়েছেন এবং আরও সচেতনতা বৃদ্ধির আহ্বান জানিয়েছেন। জনস্বাস্থ্য রক্ষায় সকলকে একসাথে কাজ করতে হবে বলে মত দেন বিশেষজ্ঞরা। ভাই, বহু, এবং স্থানীয় প্রশাসনের সহযোগিতায় জেলার বিভিন্ন এলাকায় কার্যক্রম পরিচালিত হচ্ছে। সংশ্লিষ্ট কর্মকর্তারা জানিয়েছেন, দ্রুত সময়ের মধ্যে প্রয়োজনীয় ব্যবস্থা গ্রহণ করা হবে। এলাকাবাসী এই উদ্যোগকে স্বাগত জানিয়েছেন এবং আরও সচেতনতা বৃদ্ধির আহ্বান জানিয়েছেন। জনস্বাস্থ্য রক্ষায় সকলকে একসাথে কাজ করতে হবে বলে মত দেন বিশেষজ্ঞরা। ভাই, বহু, এবং স্থানীয় প্রশাসনের সহযোগিতায় জেলার বিভিন্ন এলাকায় কার্যক্রম পরিচালিত হচ্ছে। সংশ্লিষ্ট কর্মকর্তারা জানিয়েছেন, দ্রুত সময়ের মধ্যে প্রয়োজনীয় ব্যবস্থা গ্রহণ করা হবে। এলাকাবাসী এই উদ্যোগকে স্বাগত জানিয়েছেন এবং আরও সচেতনতা বৃদ্ধির আহ্বান জানিয়েছেন।
ডাঃ মেহেদী আহমেদ
ভাই, বহু, এবং স্থানীয় প্রশাসনের সহযোগিতায় জেলার বিভিন্ন এলাকায় কার্যক্রম পরিচালিত হচ্ছে। সংশ্লিষ্ট কর্মকর্তারা জানিয়েছেন, দ্রুত সময়ের মধ্যে প্রয়োজনীয় ব্যবস্থা গ্রহণ করা হবে। এলাকাবাসী এই উদ্যোগকে স্বাগত জানিয়েছেন এবং আরও সচেতনতা বৃদ্ধির আহ্বান জানিয়েছেন। জনস্বাস্থ্য রক্ষায় সকলকে একসাথে কাজ করতে হবে বলে মত দেন বিশেষজ্ঞরা। ভাই, বহু, এবং স্থানীয় প্রশাসনের সহযোগিতায় জেলার বিভিন্ন এলাকায় কার্যক্রম পরিচালিত হচ্ছে। সংশ্লিষ্ট কর্মকর্তারা জানিয়েছেন, দ্রুত সময়ের মধ্যে প্রয়োজনীয় ব্যবস্থা গ্রহণ করা হবে। এলাকাবাসী এই উদ্যোগকে স্বাগত জানিয়েছেন এবং আরও সচেতনতা বৃদ্ধির আহ্বান জানিয়েছেন। জনস্বাস্থ্য রক্ষায় সকলকে একসাথে কাজ করতে হবে বলে মত দেন বিশেষজ্ঞরা। ভাই, বহু, এবং স্থানীয় প্রশাসনের সহযোগিতায় জেলার বিভিন্ন এলাকায় কার্যক্রম পরিচালিত হচ্ছে। সংশ্লিষ্ট কর্মকর্তারা জানিয়েছেন, দ্রুত সময়ের মধ্যে প্রয়োজনীয় ব্যবস্থা গ্রহণ করা হবে। এলাকাবাসী এই উদ্যোগকে স্বাগত জানিয়েছেন এবং আরও সচেতনতা বৃদ্ধির আহ্বান জানিয়েছেন। জনস্বাস্থ্য রক্ষায় সকলকে একসাথে কাজ করতে হবে বলে মত দেন বিশেষজ্ঞরা। ভাই, বহু, এবং স্থানীয় প্রশাসনের সহযোগিতায় জেলার বিভিন্ন এলাকায় কার্যক্রম পরিচালিত হচ্ছে। সংশ্লিষ্ট কর্মকর্তারা জানিয়েছেন, দ্রুত সময়ের মধ্যে প্রয়োজনীয় ব্যবস্থা গ্রহণ করা হবে। এলাকাবাসী এই উদ্যোগকে স্বাগত জানিয়েছেন এবং আরও সচেতনতা বৃদ্ধির আহ্বান জানিয়েছেন।
ডাঃ মোঃ রোকনুজ্জামান
ভাই, বহু, এবং স্থানীয় প্রশাসনের সহযোগিতায় জেলার বিভিন্ন এলাকায় কার্যক্রম পরিচালিত হচ্ছে। সংশ্লিষ্ট কর্মকর্তারা জানিয়েছেন, দ্রুত সময়ের মধ্যে প্রয়োজনীয় ব্যবস্থা গ্রহণ করা হবে। এলাকাবাসী এই উদ্যোগকে স্বাগত জানিয়েছেন এবং আরও সচেতনতা বৃদ্ধির আহ্বান জানিয়েছেন। জনস্বাস্থ্য রক্ষায় সকলকে একসাথে কাজ করতে হবে বলে মত দেন বিশেষজ্ঞরা। ভাই, বহু, এবং স্থানীয় প্রশাসনের সহযোগিতায় জেলার বিভিন্ন এলাকায় কার্যক্রম পরিচালিত হচ্ছে। সংশ্লিষ্ট কর্মকর্তারা জানিয়েছেন, দ্রুত সময়ের মধ্যে প্রয়োজনীয় ব্যবস্থা গ্রহণ করা হবে। এলাকাবাসী এই উদ্যোগকে স্বাগত জানিয়েছেন এবং আরও সচেতনতা বৃদ্ধির আহ্বান জানিয়েছেন। জনস্বাস্থ্য রক্ষায় সকলকে একসাথে কাজ করতে হবে বলে মত দেন বিশেষজ্ঞরা। ভাই, বহু, এবং স্থানীয় প্রশাসনের সহযোগিতায় জেলার বিভিন্ন এলাকায় কার্যক্রম পরিচালিত হচ্ছে। সংশ্লিষ্ট কর্মকর্তারা জানিয়েছেন, দ্রুত সময়ের মধ্যে প্রয়োজনীয় ব্যবস্থা গ্রহণ করা হবে। এলাকাবাসী এই উদ্যোগকে স্বাগত জানিয়েছেন এবং আরও সচেতনতা বৃদ্ধির আহ্বান জানিয়েছেন। জনস্বাস্থ্য রক্ষায় সকলকে একসাথে কাজ করতে হবে বলে মত দেন বিশেষজ্ঞরা। ভাই, বহু, এবং স্থানীয় প্রশাসনের সহযোগিতায় জেলার বিভিন্ন এলাকায় কার্যক্রম পরিচালিত হচ্ছে। সংশ্লিষ্ট কর্মকর্তারা জানিয়েছেন, দ্রুত সময়ের মধ্যে প্রয়োজনীয় ব্যবস্থা গ্রহণ করা হবে। এলাকাবাসী এই উদ্যোগকে স্বাগত জানিয়েছেন এবং আরও সচেতনতা বৃদ্ধির আহ্বান জানিয়েছেন।
ডাঃ মোঃ শাহিদুল ইসলাম
ভাই, বহু, এবং স্থানীয় প্রশাসনের সহযোগিতায় জেলার বিভিন্ন এলাকায় কার্যক্রম পরিচালিত হচ্ছে। সংশ্লিষ্ট কর্মকর্তারা জানিয়েছেন, দ্রুত সময়ের মধ্যে প্রয়োজনীয় ব্যবস্থা গ্রহণ করা হবে। এলাকাবাসী এই উদ্যোগকে স্বাগত জানিয়েছেন এবং আরও সচেতনতা বৃদ্ধির আহ্বান জানিয়েছেন। জনস্বাস্থ্য রক্ষায় সকলকে একসাথে কাজ করতে হবে বলে মত দেন বিশেষজ্ঞরা। ভাই, বহু, এবং স্থানীয় প্রশাসনের সহযোগিতায় জেলার বিভিন্ন এলাকায় কার্যক্রম পরিচালিত হচ্ছে। সংশ্লিষ্ট কর্মকর্তারা জানিয়েছেন, দ্রুত সময়ের মধ্যে প্রয়োজনীয় ব্যবস্থা গ্রহণ করা হবে। এলাকাবাসী এই উদ্যোগকে স্বাগত জানিয়েছেন এবং আরও সচেতনতা বৃদ্ধির আহ্বান জানিয়েছেন। জনস্বাস্থ্য রক্ষায় সকলকে একসাথে কাজ করতে হবে বলে মত দেন বিশেষজ্ঞরা। ভাই, বহু, এবং স্থানীয় প্রশাসনের সহযোগিতায় জেলার বিভিন্ন এলাকায় কার্যক্রম পরিচালিত হচ্ছে। সংশ্লিষ্ট কর্মকর্তারা জানিয়েছেন, দ্রুত সময়ের মধ্যে প্রয়োজনীয় ব্যবস্থা গ্রহণ করা হবে। এলাকাবাসী এই উদ্যোগকে স্বাগত জানিয়েছেন এবং আরও সচেতনতা বৃদ্ধির আহ্বান জানিয়েছেন। জনস্বাস্থ্য রক্ষায় সকলকে একসাথে কাজ করতে হবে বলে মত দেন বিশেষজ্ঞরা। ভাই, বহু, এবং স্থানীয় প্রশাসনের সহযোগিতায় জেলার বিভিন্ন এলাকায় কার্যক্রম পরিচালিত হচ্ছে। সংশ্লিষ্ট কর্মকর্তারা জানিয়েছেন, দ্রুত সময়ের মধ্যে প্রয়োজনীয় ব্যবস্থা গ্রহণ করা হবে। এলাকাবাসী এই উদ্যোগকে স্বাগত জানিয়েছেন এবং আরও সচেতনতা বৃদ্ধির আহ্বান জানিয়েছেন।
ডাঃ মোঃ সাইফুল ইসলাম সবুজ
ভাই, বহু, এবং স্থানীয় প্রশাসনের সহযোগিতায় জেলার বিভিন্ন এলাকায় কার্যক্রম পরিচালিত হচ্ছে। সংশ্লিষ্ট কর্মকর্তারা জানিয়েছেন, দ্রুত সময়ের মধ্যে প্রয়োজনীয় ব্যবস্থা গ্রহণ করা হবে। এলাকাবাসী এই উদ্যোগকে স্বাগত জানিয়েছেন এবং আরও সচেতনতা বৃদ্ধির আহ্বান জানিয়েছেন। জনস্বাস্থ্য রক্ষায় সকলকে একসাথে কাজ করতে হবে বলে মত দেন বিশেষজ্ঞরা। ভাই, বহু, এবং স্থানীয় প্রশাসনের সহযোগিতায় জেলার বিভিন্ন এলাকায় কার্যক্রম পরিচালিত হচ্ছে। সংশ্লিষ্ট কর্মকর্তারা জানিয়েছেন, দ্রুত সময়ের মধ্যে প্রয়োজনীয় ব্যবস্থা গ্রহণ করা হবে। এলাকাবাসী এই উদ্যোগকে স্বাগত জানিয়েছেন এবং আরও সচেতনতা বৃদ্ধির আহ্বান জানিয়েছেন। জনস্বাস্থ্য রক্ষায় সকলকে একসাথে কাজ করতে হবে বলে মত দেন বিশেষজ্ঞরা। ভাই, বহু, এবং স্থানীয় প্রশাসনের সহযোগিতায় জেলার বিভিন্ন এলাকায় কার্যক্রম পরিচালিত হচ্ছে। সংশ্লিষ্ট কর্মকর্তারা জানিয়েছেন, দ্রুত সময়ের মধ্যে প্রয়োজনীয় ব্যবস্থা গ্রহণ করা হবে। এলাকাবাসী এই উদ্যোগকে স্বাগত জানিয়েছেন এবং আরও সচেতনতা বৃদ্ধির আহ্বান জানিয়েছেন। জনস্বাস্থ্য রক্ষায় সকলকে একসাথে কাজ করতে হবে বলে মত দেন বিশেষজ্ঞরা। ভাই, বহু, এবং স্থানীয় প্রশাসনের সহযোগিতায় জেলার বিভিন্ন এলাকায় কার্যক্রম পরিচালিত হচ্ছে। সংশ্লিষ্ট কর্মকর্তারা জানিয়েছেন, দ্রুত সময়ের মধ্যে প্রয়োজনীয় ব্যবস্থা গ্রহণ করা হবে। এলাকাবাসী এই উদ্যোগকে স্বাগত জানিয়েছেন এবং আরও সচেতনতা বৃদ্ধির আহ্বান জানিয়েছেন।
লাইফ কেয়ার ডি-ল্যাব এন্ড হসপিটাল লিমিটেড
LIFE CARE D-LAB & HOSPITAL LTD.
এম মুক্তা, এশিয়া সেট মোড়, হসপিটাল রোড, বড় বাজার, মেহেরপুর
ভাই, বহু, এবং স্থানীয় প্রশাসনের সহযোগিতায় জেলার বিভিন্ন এলাকায় কার্যক্রম পরিচালিত হচ্ছে। সংশ্লিষ্ট কর্মকর্তারা জানিয়েছেন, দ্রুত সময়ের মধ্যে প্রয়োজনীয় ব্যবস্থা গ্রহণ করা হবে। এলাকাবাসী এই উদ্যোগকে স্বাগত জানিয়েছেন এবং আরও সচেতনতা বৃদ্ধির আহ্বান জানিয়েছেন। জনস্বাস্থ্য রক্ষায় সকলকে একসাথে কাজ করতে হবে বলে মত দেন বিশেষজ্ঞরা। ভাই, বহু, এবং স্থানীয় প্রশাসনের সহযোগিতায় জেলার বিভিন্ন এলাকায় কার্যক্রম পরিচালিত হচ্ছে। সংশ্লিষ্ট কর্মকর্তারা জানিয়েছেন, দ্রুত সময়ের মধ্যে প্রয়োজনীয় ব্যবস্থা গ্রহণ করা হবে। এলাকাবাসী এই উদ্যোগকে স্বাগত জানিয়েছেন এবং আরও সচেতনতা বৃদ্ধির আহ্বান জানিয়েছেন। জনস্বাস্থ্য রক্ষায় সকলকে একসাথে কাজ করতে হবে বলে মত দেন বিশেষজ্ঞরা। ভাই, বহু, এবং স্থানীয় প্রশাসনের সহযোগিতায় জেলার বিভিন্ন এলাকায় কার্যক্রম পরিচালিত হচ্ছে। সংশ্লিষ্ট কর্মকর্তারা জানিয়েছেন, দ্রুত সময়ের মধ্যে প্রয়োজনীয় ব্যবস্থা গ্রহণ করা হবে। এলাকাবাসী এই উদ্যোগকে স্বাগত জানিয়েছেন এবং আরও সচেতনতা বৃদ্ধির আহ্বান জানিয়েছেন। জনস্বাস্থ্য রক্ষায় সকলকে একসাথে কাজ করতে হবে বলে মত দেন বিশেষজ্ঞরা। ভাই, বহু, এবং স্থানীয় প্রশাসনের সহযোগিতায় জেলার বিভিন্ন এলাকায় কার্যক্রম পরিচালিত হচ্ছে। সংশ্লিষ্ট কর্মকর্তারা জানিয়েছেন, দ্রুত সময়ের মধ্যে প্রয়োজনীয় ব্যবস্থা গ্রহণ করা হবে। এলাকাবাসী এই উদ্যোগকে স্বাগত জানিয়েছেন এবং আরও সচেতনতা বৃদ্ধির আহ্বান জানিয়েছেন।
ডাঃ মুহাম্মদ মনজুর-উল-আলম
ভাই, বহু, এবং স্থানীয় প্রশাসনের সহযোগিতায় জেলার বিভিন্ন এলাকায় কার্যক্রম পরিচালিত হচ্ছে। সংশ্লিষ্ট কর্মকর্তারা জানিয়েছেন, দ্রুত সময়ের মধ্যে প্রয়োজনীয় ব্যবস্থা গ্রহণ করা হবে। এলাকাবাসী এই উদ্যোগকে স্বাগত জানিয়েছেন এবং আরও সচেতনতা বৃদ্ধির আহ্বান জানিয়েছেন। জনস্বাস্থ্য রক্ষায় সকলকে একসাথে কাজ করতে হবে বলে মত দেন বিশেষজ্ঞরা। ভাই, বহু, এবং স্থানীয় প্রশাসনের সহযোগিতায় জেলার বিভিন্ন এলাকায় কার্যক্রম পরিচালিত হচ্ছে। সংশ্লিষ্ট কর্মকর্তারা জানিয়েছেন, দ্রুত সময়ের মধ্যে প্রয়োজনীয় ব্যবস্থা গ্রহণ করা হবে। এলাকাবাসী এই উদ্যোগকে স্বাগত জানিয়েছেন এবং আরও সচেতনতা বৃদ্ধির আহ্বান জানিয়েছেন। জনস্বাস্থ্য রক্ষায় সকলকে একসাথে কাজ করতে হবে বলে মত দেন বিশেষজ্ঞরা। ভাই, বহু, এবং স্থানীয় প্রশাসনের সহযোগিতায় জেলার বিভিন্ন এলাকায় কার্যক্রম পরিচালিত হচ্ছে। সংশ্লিষ্ট কর্মকর্তারা জানিয়েছেন, দ্রুত সময়ের মধ্যে প্রয়োজনীয় ব্যবস্থা গ্রহণ করা হবে। এলাকাবাসী এই উদ্যোগকে স্বাগত জানিয়েছেন এবং আরও সচেতনতা বৃদ্ধির আহ্বান জানিয়েছেন। জনস্বাস্থ্য রক্ষায় সকলকে একসাথে কাজ করতে হবে বলে মত দেন বিশেষজ্ঞরা। ভাই, বহু, এবং স্থানীয় প্রশাসনের সহযোগিতায় জেলার বিভিন্ন এলাকায় কার্যক্রম পরিচালিত হচ্ছে। সংশ্লিষ্ট কর্মকর্তারা জানিয়েছেন, দ্রুত সময়ের মধ্যে প্রয়োজনীয় ব্যবস্থা গ্রহণ করা হবে। এলাকাবাসী এই উদ্যোগকে স্বাগত জানিয়েছেন এবং আরও সচেতনতা বৃদ্ধির আহ্বান জানিয়েছেন।	ডাঃ কাজল আলী
ভাই, বহু, এবং স্থানীয় প্রশাসনের সহযোগিতায় জেলার বিভিন্ন এলাকায় কার্যক্রম পরিচালিত হচ্ছে। সংশ্লিষ্ট কর্মকর্তারা জানিয়েছেন, দ্রুত সময়ের মধ্যে প্রয়োজনীয় ব্যবস্থা গ্রহণ করা হবে। এলাকাবাসী এই উদ্যোগকে স্বাগত জানিয়েছেন এবং আরও সচেতনতা বৃদ্ধির আহ্বান জানিয়েছেন। জনস্বাস্থ্য রক্ষায় সকলকে একসাথে কাজ করতে হবে বলে মত দেন বিশেষজ্ঞরা। ভাই, বহু, এবং স্থানীয় প্রশাসনের সহযোগিতায় জেলার বিভিন্ন এলাকায় কার্যক্রম পরিচালিত হচ্ছে। সংশ্লিষ্ট কর্মকর্তারা জানিয়েছেন, দ্রুত সময়ের মধ্যে প্রয়োজনীয় ব্যবস্থা গ্রহণ করা হবে। এলাকাবাসী এই উদ্যোগকে স্বাগত জানিয়েছেন এবং আরও সচেতনতা বৃদ্ধির আহ্বান জানিয়েছেন। জনস্বাস্থ্য রক্ষায় সকলকে একসাথে কাজ করতে হবে বলে মত দেন বিশেষজ্ঞরা। ভাই, বহু, এবং স্থানীয় প্রশাসনের সহযোগিতায় জেলার বিভিন্ন এলাকায় কার্যক্রম পরিচালিত হচ্ছে। সংশ্লিষ্ট কর্মকর্তারা জানিয়েছেন, দ্রুত সময়ের মধ্যে প্রয়োজনীয় ব্যবস্থা গ্রহণ করা হবে। এলাকাবাসী এই উদ্যোগকে স্বাগত জানিয়েছেন এবং আরও সচেতনতা বৃদ্ধির আহ্বান জানিয়েছেন। জনস্বাস্থ্য রক্ষায় সকলকে একসাথে কাজ করতে হবে বলে মত দেন বিশেষজ্ঞরা। ভাই, বহু, এবং স্থানীয় প্রশাসনের সহযোগিতায় জেলার বিভিন্ন এলাকায় কার্যক্রম পরিচালিত হচ্ছে। সংশ্লিষ্ট কর্মকর্তারা জানিয়েছেন, দ্রুত সময়ের মধ্যে প্রয়োজনীয় ব্যবস্থা গ্রহণ করা হবে। এলাকাবাসী এই উদ্যোগকে স্বাগত জানিয়েছেন এবং আরও সচেতনতা বৃদ্ধির আহ্বান জানিয়েছেন।
হটলাইন : ০১৭০৯৬০০৯২৯, ০১৭০৯৬০০৯৫৩
